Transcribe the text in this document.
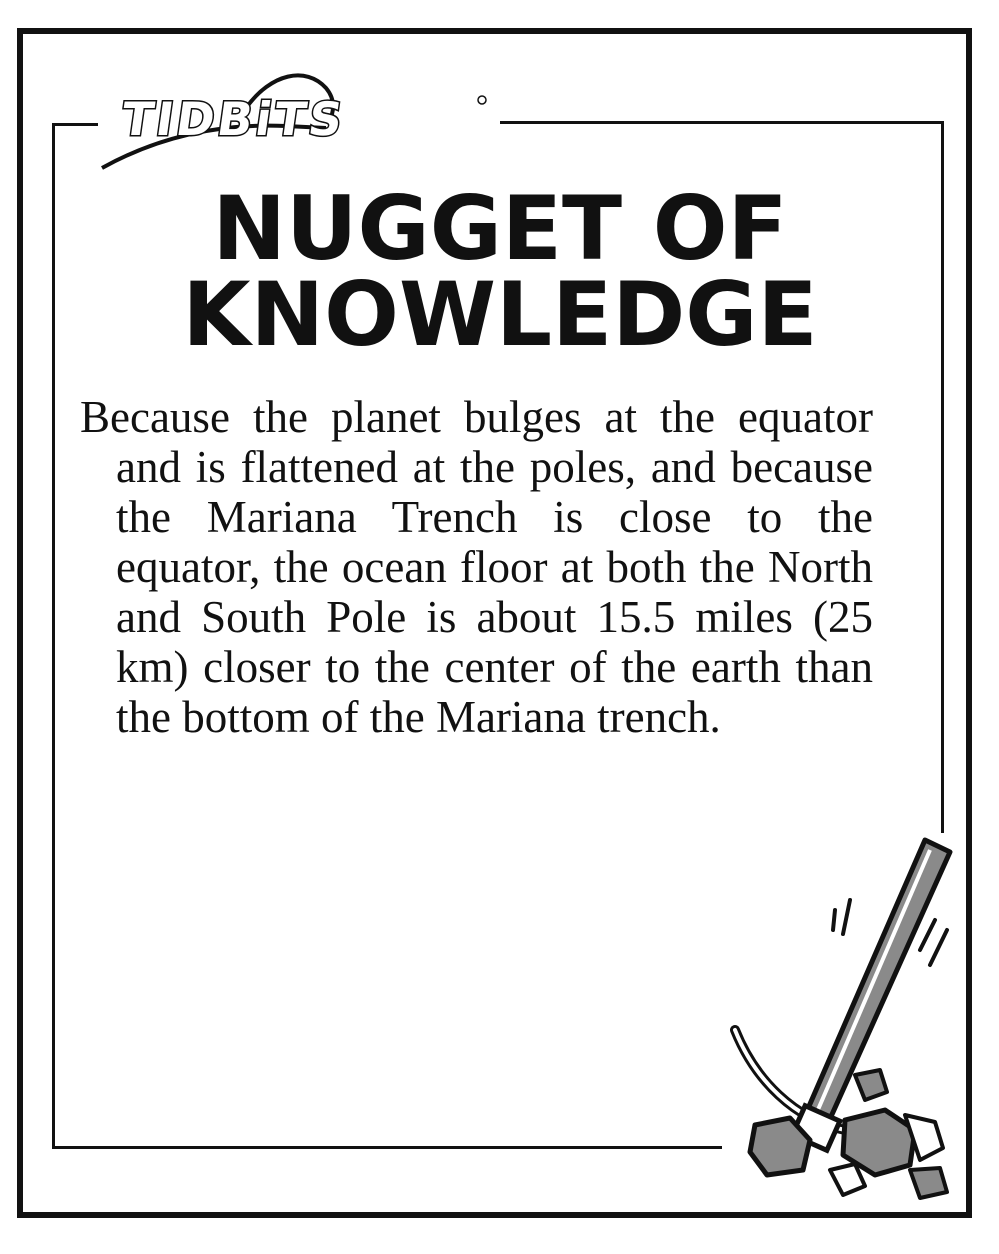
TIDBiTS
NUGGET OF
KNOWLEDGE

Because the planet bulges at the equator and is flattened at the poles, and because the Mariana Trench is close to the equator, the ocean floor at both the North and South Pole is about 15.5 miles (25 km) closer to the center of the earth than the bottom of the Mariana trench.
